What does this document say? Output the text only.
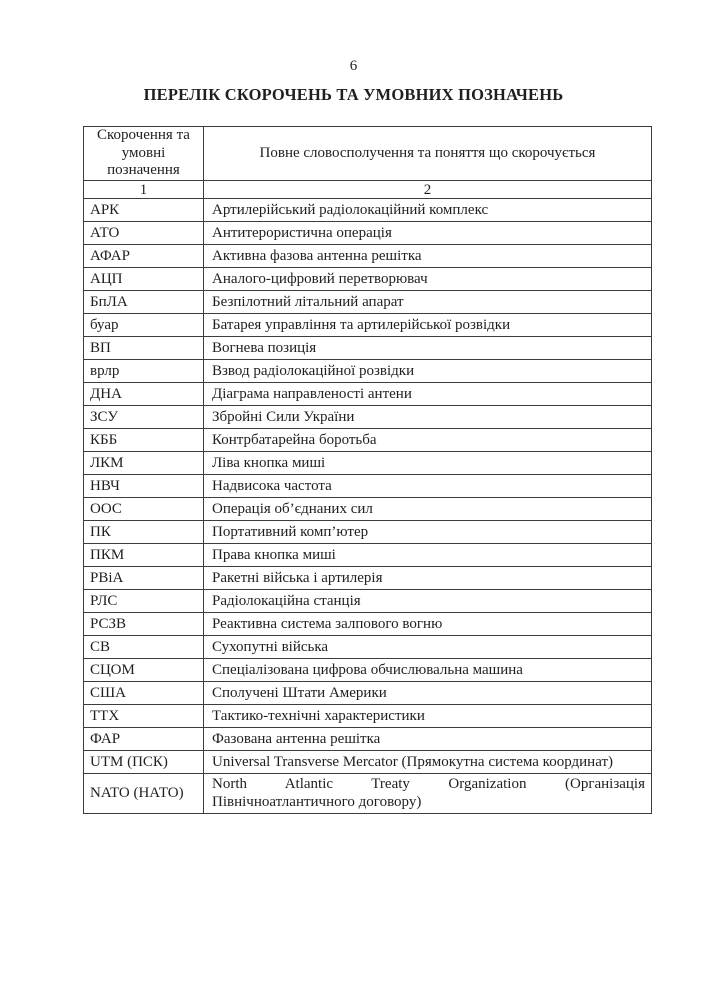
6
ПЕРЕЛІК СКОРОЧЕНЬ ТА УМОВНИХ ПОЗНАЧЕНЬ
Скорочення та
умовні
позначення	Повне словосполучення та поняття що скорочується
1	2
АРК	Артилерійський радіолокаційний комплекс
АТО	Антитерористична операція
АФАР	Активна фазова антенна решітка
АЦП	Аналого-цифровий перетворювач
БпЛА	Безпілотний літальний апарат
буар	Батарея управління та артилерійської розвідки
ВП	Вогнева позиція
врлр	Взвод радіолокаційної розвідки
ДНА	Діаграма направленості антени
ЗСУ	Збройні Сили України
КББ	Контрбатарейна боротьба
ЛКМ	Ліва кнопка миші
НВЧ	Надвисока частота
ООС	Операція об’єднаних сил
ПК	Портативний комп’ютер
ПКМ	Права кнопка миші
РВіА	Ракетні війська і артилерія
РЛС	Радіолокаційна станція
РСЗВ	Реактивна система залпового вогню
СВ	Сухопутні війська
СЦОМ	Спеціалізована цифрова обчислювальна машина
США	Сполучені Штати Америки
ТТХ	Тактико-технічні характеристики
ФАР	Фазована антенна решітка
UTM (ПСК)	Universal Transverse Mercator (Прямокутна система координат)
NATO (НАТО)	North Atlantic Treaty Organization (Організація Північноатлантичного договору)
